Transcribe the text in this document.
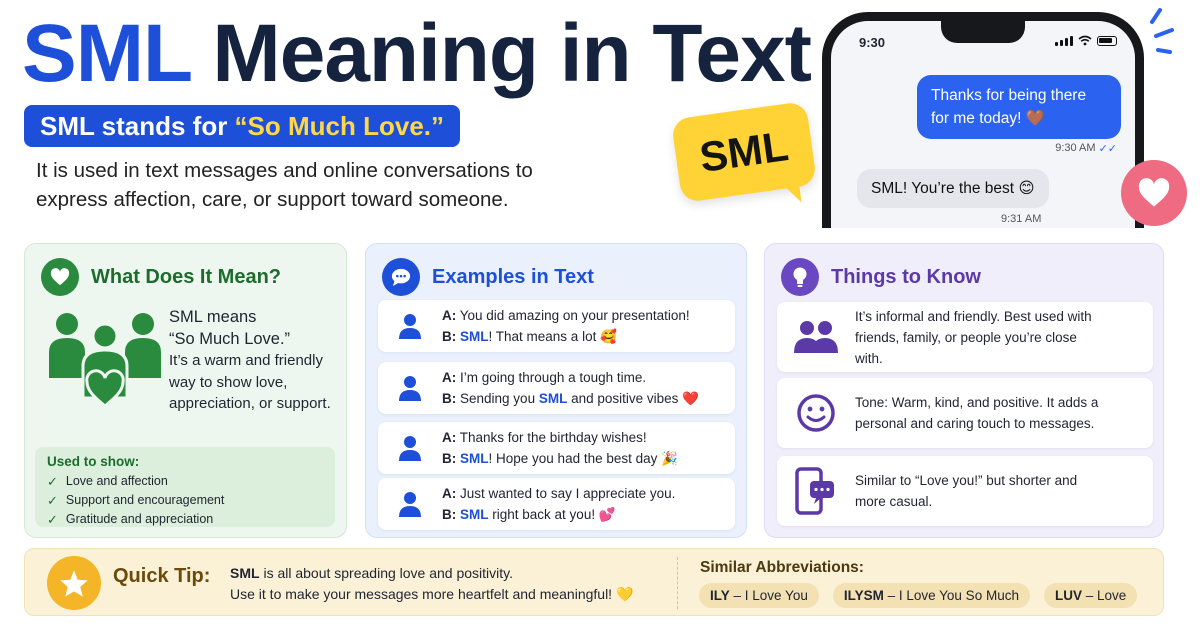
SML Meaning in Text
SML stands for “So Much Love.”

It is used in text messages and online conversations to express affection, care, or support toward someone.

9:30
Thanks for being there for me today! 🤎
9:30 AM ✓✓
SML! You’re the best 😊
9:31 AM
SML
What Does It Mean?
SML means
“So Much Love.”
It’s a warm and friendly way to show love, appreciation, or support.
Used to show:
✓ Love and affection
✓ Support and encouragement
✓ Gratitude and appreciation
Examples in Text
A: You did amazing on your presentation!
B: SML! That means a lot 🥰
A: I’m going through a tough time.
B: Sending you SML and positive vibes ❤️
A: Thanks for the birthday wishes!
B: SML! Hope you had the best day 🎉
A: Just wanted to say I appreciate you.
B: SML right back at you! 💕
Things to Know
It’s informal and friendly. Best used with friends, family, or people you’re close with.
Tone: Warm, kind, and positive. It adds a personal and caring touch to messages.
Similar to “Love you!” but shorter and more casual.
Quick Tip: SML is all about spreading love and positivity.
Use it to make your messages more heartfelt and meaningful! 💛
Similar Abbreviations:
ILY – I Love You	ILYSM – I Love You So Much	LUV – Love
